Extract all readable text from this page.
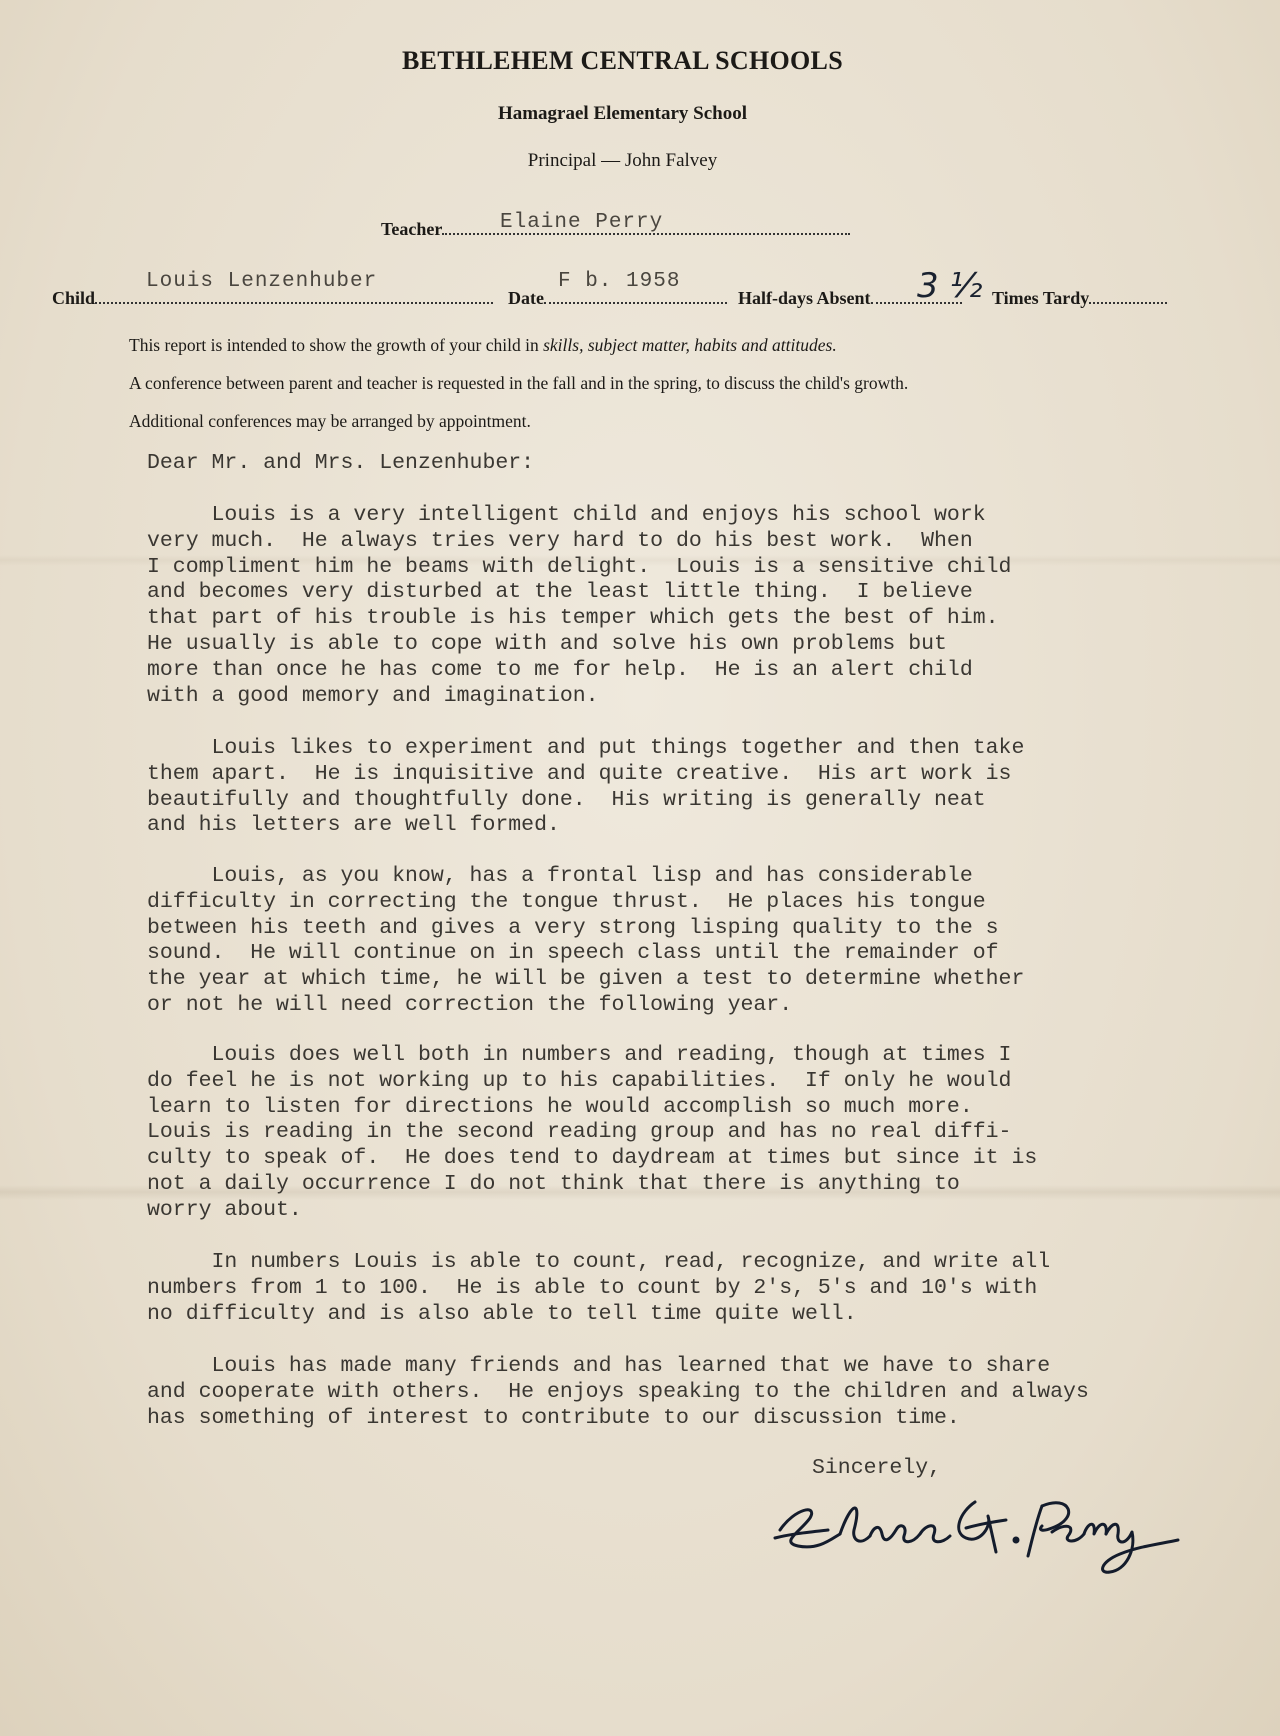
BETHLEHEM CENTRAL SCHOOLS
Hamagrael Elementary School
Principal — John Falvey
Teacher	Elaine Perry
Child
Louis Lenzenhuber
Date
F b. 1958
Half-days Absent	3 ½ Times Tardy
This report is intended to show the growth of your child in skills, subject matter, habits and attitudes.
A conference between parent and teacher is requested in the fall and in the spring, to discuss the child's growth.
Additional conferences may be arranged by appointment.
Dear Mr. and Mrs. Lenzenhuber:
Louis is a very intelligent child and enjoys his school work
very much.  He always tries very hard to do his best work.  When
I compliment him he beams with delight.  Louis is a sensitive child
and becomes very disturbed at the least little thing.  I believe
that part of his trouble is his temper which gets the best of him.
He usually is able to cope with and solve his own problems but
more than once he has come to me for help.  He is an alert child
with a good memory and imagination.
Louis likes to experiment and put things together and then take
them apart.  He is inquisitive and quite creative.  His art work is
beautifully and thoughtfully done.  His writing is generally neat
and his letters are well formed.
Louis, as you know, has a frontal lisp and has considerable
difficulty in correcting the tongue thrust.  He places his tongue
between his teeth and gives a very strong lisping quality to the s
sound.  He will continue on in speech class until the remainder of
the year at which time, he will be given a test to determine whether
or not he will need correction the following year.
Louis does well both in numbers and reading, though at times I
do feel he is not working up to his capabilities.  If only he would
learn to listen for directions he would accomplish so much more.
Louis is reading in the second reading group and has no real diffi-
culty to speak of.  He does tend to daydream at times but since it is
not a daily occurrence I do not think that there is anything to
worry about.
In numbers Louis is able to count, read, recognize, and write all
numbers from 1 to 100.  He is able to count by 2's, 5's and 10's with
no difficulty and is also able to tell time quite well.
Louis has made many friends and has learned that we have to share
and cooperate with others.  He enjoys speaking to the children and always
has something of interest to contribute to our discussion time.
Sincerely,
